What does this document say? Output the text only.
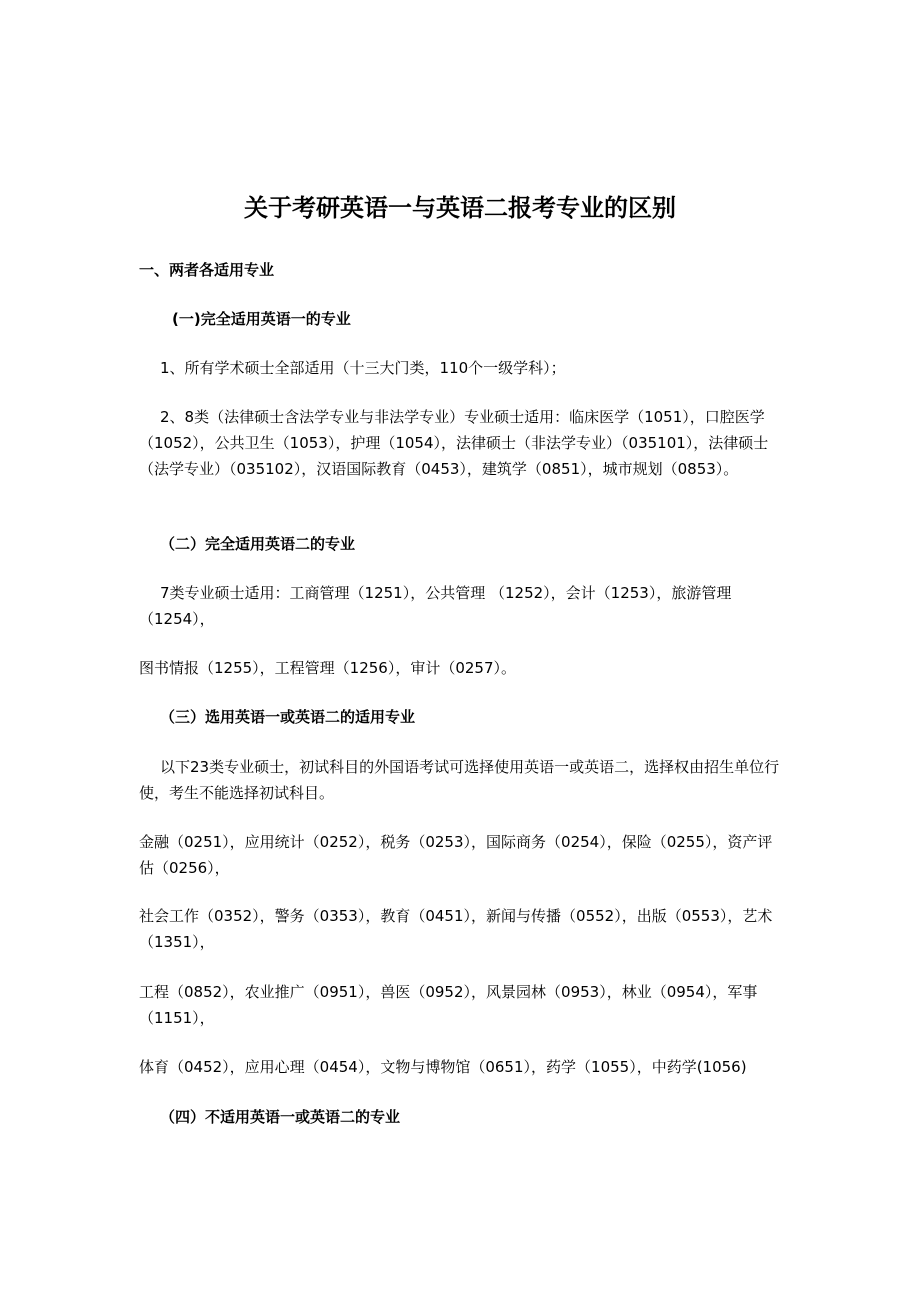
关于考研英语一与英语二报考专业的区别

一、两者各适用专业

(一)完全适用英语一的专业

1、所有学术硕士全部适用（十三大门类，110个一级学科）；

2、8类（法律硕士含法学专业与非法学专业）专业硕士适用：临床医学（1051），口腔医学（1052），公共卫生（1053），护理（1054），法律硕士（非法学专业）（035101），法律硕士（法学专业）（035102），汉语国际教育（0453），建筑学（0851），城市规划（0853）。

（二）完全适用英语二的专业

7类专业硕士适用：工商管理（1251），公共管理 （1252），会计（1253），旅游管理（1254），

图书情报（1255），工程管理（1256），审计（0257）。

（三）选用英语一或英语二的适用专业

以下23类专业硕士，初试科目的外国语考试可选择使用英语一或英语二，选择权由招生单位行使，考生不能选择初试科目。

金融（0251），应用统计（0252），税务（0253），国际商务（0254），保险（0255），资产评估（0256），

社会工作（0352），警务（0353），教育（0451），新闻与传播（0552），出版（0553），艺术（1351），

工程（0852），农业推广（0951），兽医（0952），风景园林（0953），林业（0954），军事（1151），

体育（0452），应用心理（0454），文物与博物馆（0651），药学（1055），中药学(1056)

（四）不适用英语一或英语二的专业
